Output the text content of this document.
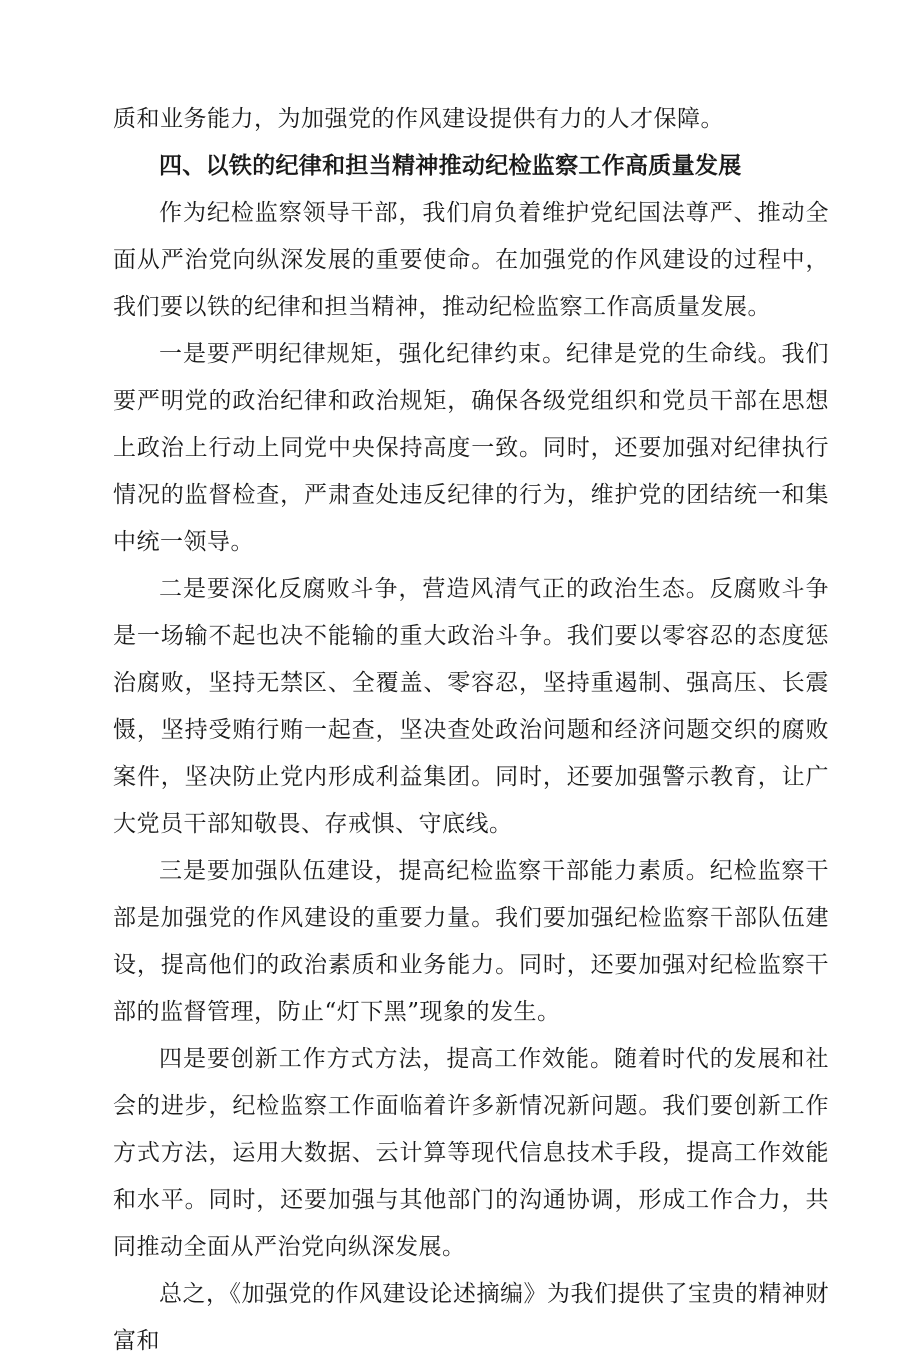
质和业务能力，为加强党的作风建设提供有力的人才保障。

四、以铁的纪律和担当精神推动纪检监察工作高质量发展

作为纪检监察领导干部，我们肩负着维护党纪国法尊严、推动全面从严治党向纵深发展的重要使命。在加强党的作风建设的过程中，我们要以铁的纪律和担当精神，推动纪检监察工作高质量发展。

一是要严明纪律规矩，强化纪律约束。纪律是党的生命线。我们要严明党的政治纪律和政治规矩，确保各级党组织和党员干部在思想上政治上行动上同党中央保持高度一致。同时，还要加强对纪律执行情况的监督检查，严肃查处违反纪律的行为，维护党的团结统一和集中统一领导。

二是要深化反腐败斗争，营造风清气正的政治生态。反腐败斗争是一场输不起也决不能输的重大政治斗争。我们要以零容忍的态度惩治腐败，坚持无禁区、全覆盖、零容忍，坚持重遏制、强高压、长震慑，坚持受贿行贿一起查，坚决查处政治问题和经济问题交织的腐败案件，坚决防止党内形成利益集团。同时，还要加强警示教育，让广大党员干部知敬畏、存戒惧、守底线。

三是要加强队伍建设，提高纪检监察干部能力素质。纪检监察干部是加强党的作风建设的重要力量。我们要加强纪检监察干部队伍建设，提高他们的政治素质和业务能力。同时，还要加强对纪检监察干部的监督管理，防止“灯下黑”现象的发生。

四是要创新工作方式方法，提高工作效能。随着时代的发展和社会的进步，纪检监察工作面临着许多新情况新问题。我们要创新工作方式方法，运用大数据、云计算等现代信息技术手段，提高工作效能和水平。同时，还要加强与其他部门的沟通协调，形成工作合力，共同推动全面从严治党向纵深发展。

总之，《加强党的作风建设论述摘编》为我们提供了宝贵的精神财富和
